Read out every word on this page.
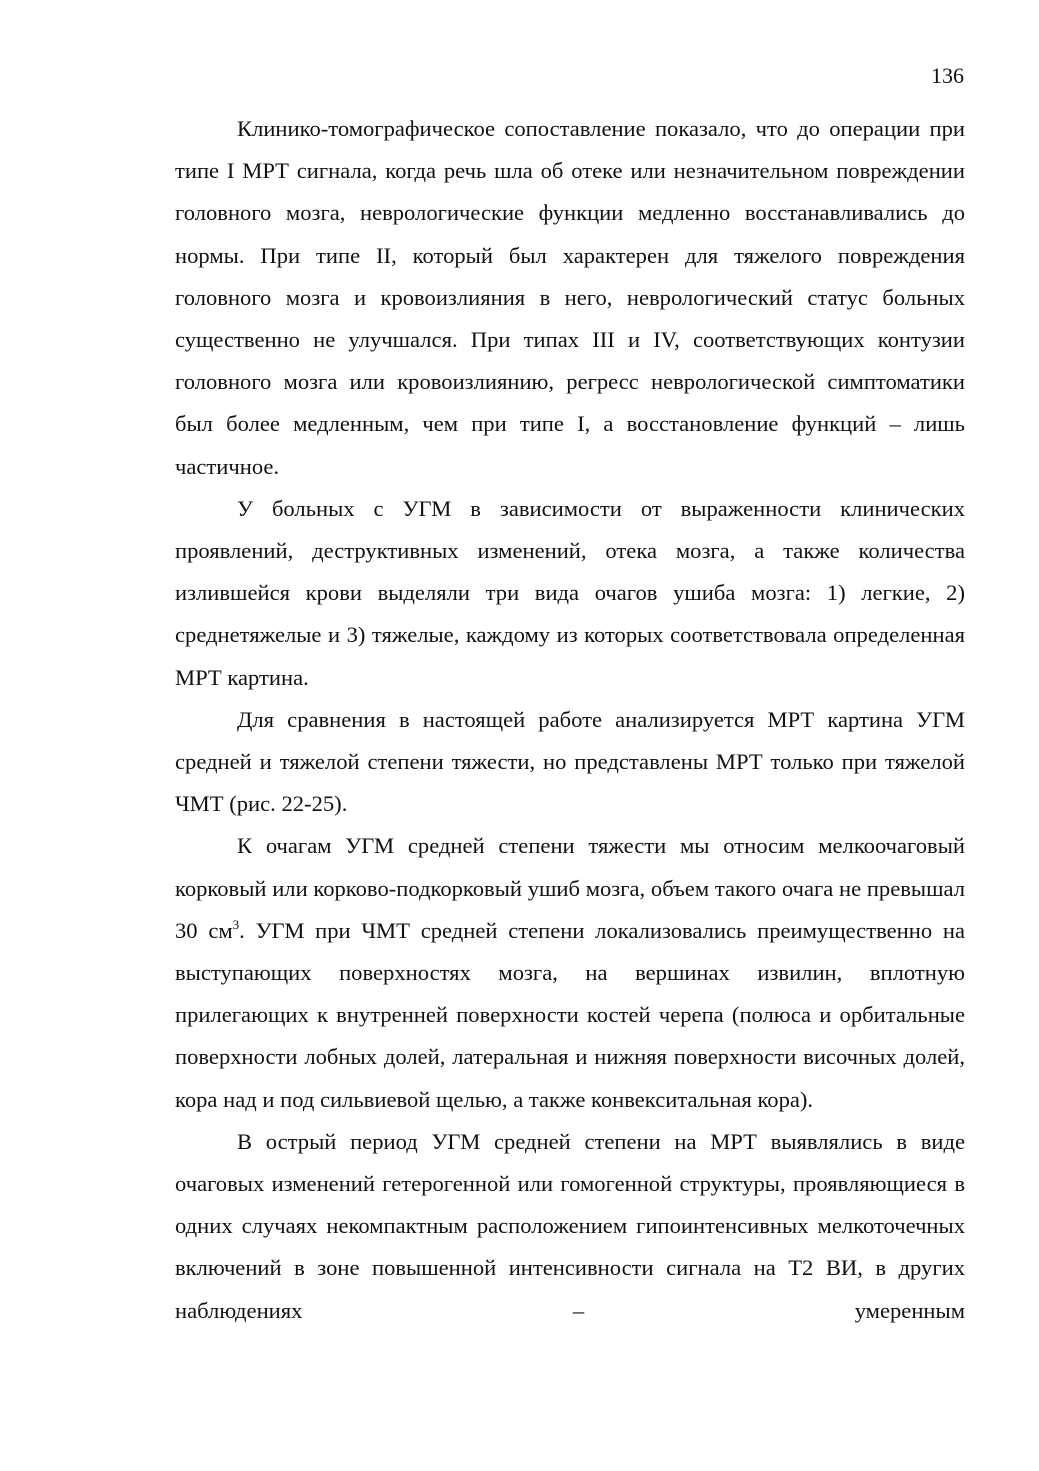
136

Клинико-томографическое сопоставление показало, что до операции при типе I МРТ сигнала, когда речь шла об отеке или незначительном повреждении головного мозга, неврологические функции медленно восстанавливались до нормы. При типе II, который был характерен для тяжелого повреждения головного мозга и кровоизлияния в него, неврологический статус больных существенно не улучшался. При типах III и IV, соответствующих контузии головного мозга или кровоизлиянию, регресс неврологической симптоматики был более медленным, чем при типе I, а восстановление функций – лишь частичное.

У больных с УГМ в зависимости от выраженности клинических проявлений, деструктивных изменений, отека мозга, а также количества излившейся крови выделяли три вида очагов ушиба мозга: 1) легкие, 2) среднетяжелые и 3) тяжелые, каждому из которых соответствовала определенная МРТ картина.

Для сравнения в настоящей работе анализируется МРТ картина УГМ средней и тяжелой степени тяжести, но представлены МРТ только при тяжелой ЧМТ (рис. 22-25).

К очагам УГМ средней степени тяжести мы относим мелкоочаговый корковый или корково-подкорковый ушиб мозга, объем такого очага не превышал 30 $см^3$. УГМ при ЧМТ средней степени локализовались преимущественно на выступающих поверхностях мозга, на вершинах извилин, вплотную прилегающих к внутренней поверхности костей черепа (полюса и орбитальные поверхности лобных долей, латеральная и нижняя поверхности височных долей, кора над и под сильвиевой щелью, а также конвекситальная кора).

В острый период УГМ средней степени на МРТ выявлялись в виде очаговых изменений гетерогенной или гомогенной структуры, проявляющиеся в одних случаях некомпактным расположением гипоинтенсивных мелкоточечных включений в зоне повышенной интенсивности сигнала на Т2 ВИ, в других наблюдениях – умеренным
